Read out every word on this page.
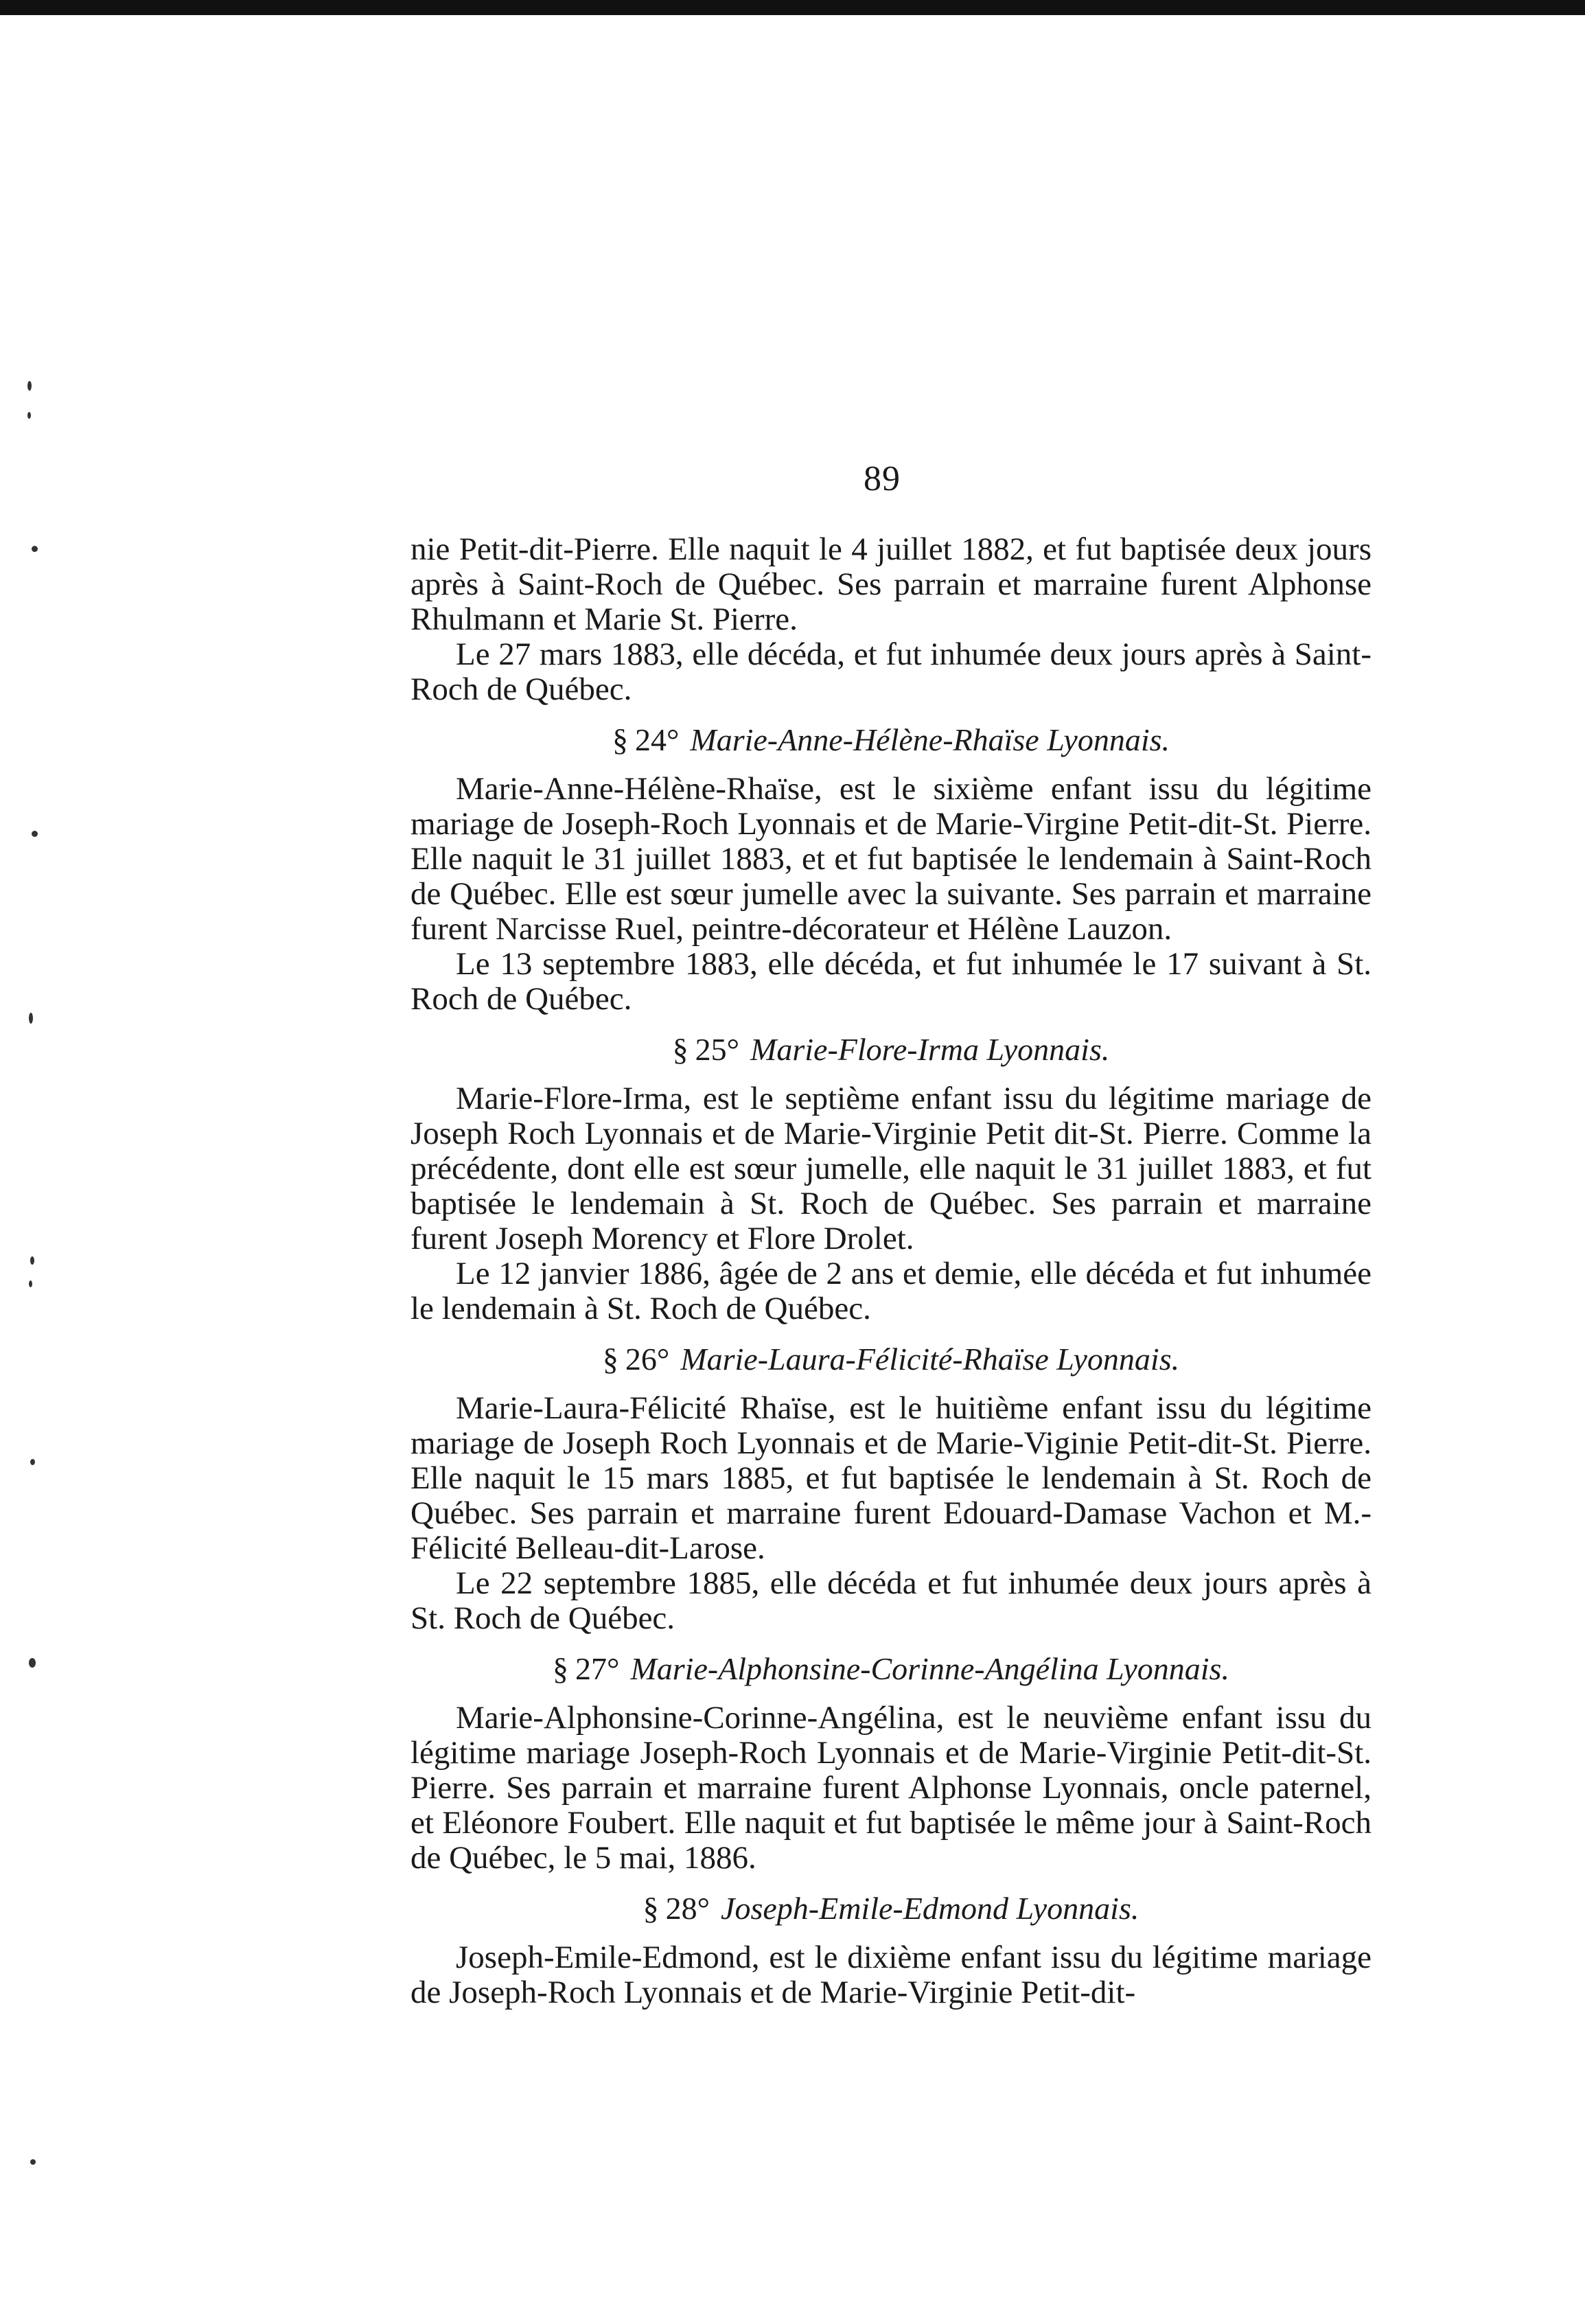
89

nie Petit-dit-Pierre. Elle naquit le 4 juillet 1882, et fut baptisée deux jours après à Saint-Roch de Québec. Ses parrain et marraine furent Alphonse Rhulmann et Marie St. Pierre.

Le 27 mars 1883, elle décéda, et fut inhumée deux jours après à Saint-Roch de Québec.

§ 24° Marie-Anne-Hélène-Rhaïse Lyonnais.

Marie-Anne-Hélène-Rhaïse, est le sixième enfant issu du légitime mariage de Joseph-Roch Lyonnais et de Marie-Virgine Petit-dit-St. Pierre. Elle naquit le 31 juillet 1883, et et fut baptisée le lendemain à Saint-Roch de Québec. Elle est sœur jumelle avec la suivante. Ses parrain et marraine furent Narcisse Ruel, peintre-décorateur et Hélène Lauzon.

Le 13 septembre 1883, elle décéda, et fut inhumée le 17 suivant à St. Roch de Québec.

§ 25° Marie-Flore-Irma Lyonnais.

Marie-Flore-Irma, est le septième enfant issu du légitime mariage de Joseph Roch Lyonnais et de Marie-Virginie Petit dit-St. Pierre. Comme la précédente, dont elle est sœur jumelle, elle naquit le 31 juillet 1883, et fut baptisée le lendemain à St. Roch de Québec. Ses parrain et marraine furent Joseph Morency et Flore Drolet.

Le 12 janvier 1886, âgée de 2 ans et demie, elle décéda et fut inhumée le lendemain à St. Roch de Québec.

§ 26° Marie-Laura-Félicité-Rhaïse Lyonnais.

Marie-Laura-Félicité Rhaïse, est le huitième enfant issu du légitime mariage de Joseph Roch Lyonnais et de Marie-Viginie Petit-dit-St. Pierre. Elle naquit le 15 mars 1885, et fut baptisée le lendemain à St. Roch de Québec. Ses parrain et marraine furent Edouard-Damase Vachon et M.-Félicité Belleau-dit-Larose.

Le 22 septembre 1885, elle décéda et fut inhumée deux jours après à St. Roch de Québec.

§ 27° Marie-Alphonsine-Corinne-Angélina Lyonnais.

Marie-Alphonsine-Corinne-Angélina, est le neuvième enfant issu du légitime mariage Joseph-Roch Lyonnais et de Marie-Virginie Petit-dit-St. Pierre. Ses parrain et marraine furent Alphonse Lyonnais, oncle paternel, et Eléonore Foubert. Elle naquit et fut baptisée le même jour à Saint-Roch de Québec, le 5 mai, 1886.

§ 28° Joseph-Emile-Edmond Lyonnais.

Joseph-Emile-Edmond, est le dixième enfant issu du légitime mariage de Joseph-Roch Lyonnais et de Marie-Virginie Petit-dit-
